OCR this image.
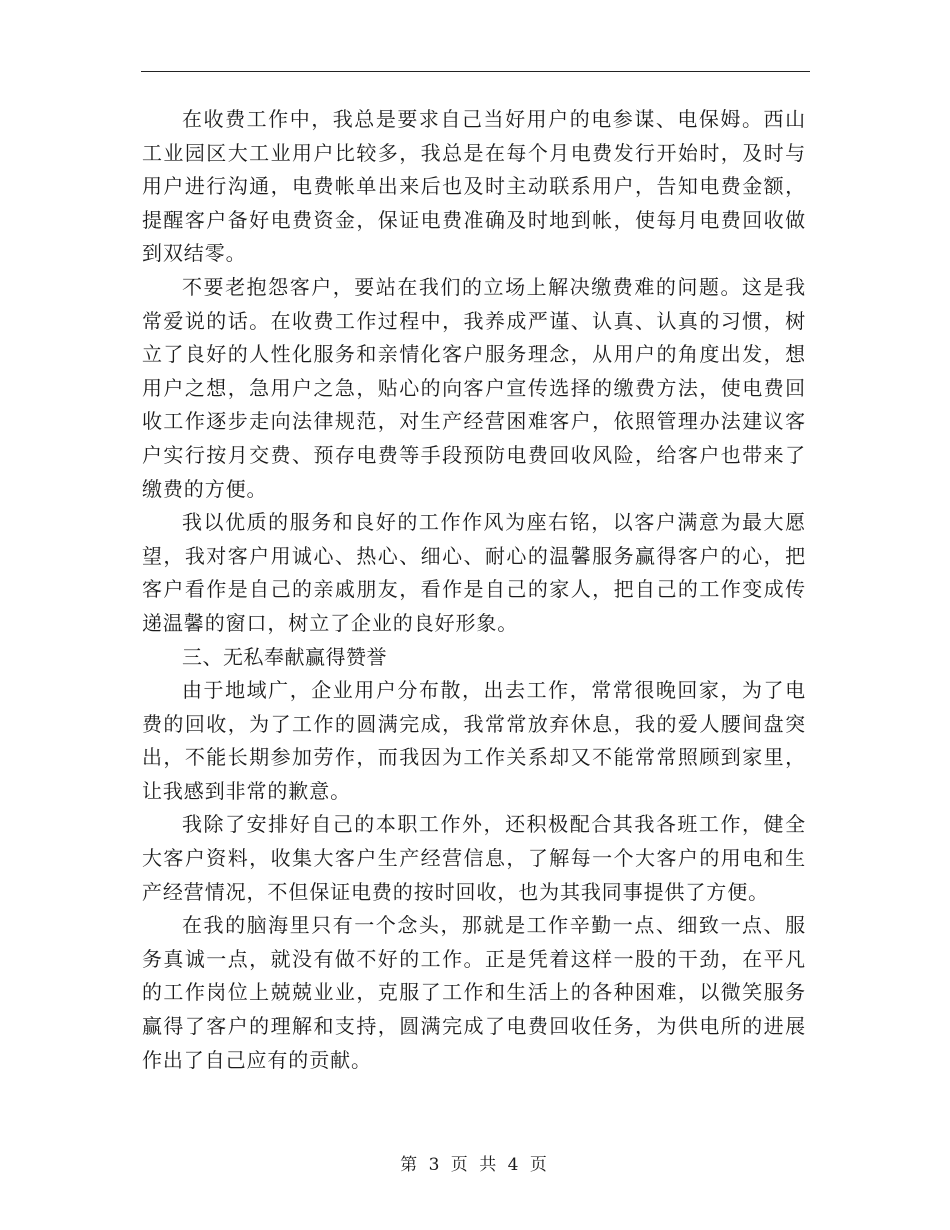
在收费工作中，我总是要求自己当好用户的电参谋、电保姆。西山工业园区大工业用户比较多，我总是在每个月电费发行开始时，及时与用户进行沟通，电费帐单出来后也及时主动联系用户，告知电费金额，提醒客户备好电费资金，保证电费准确及时地到帐，使每月电费回收做到双结零。

不要老抱怨客户，要站在我们的立场上解决缴费难的问题。这是我常爱说的话。在收费工作过程中，我养成严谨、认真、认真的习惯，树立了良好的人性化服务和亲情化客户服务理念，从用户的角度出发，想用户之想，急用户之急，贴心的向客户宣传选择的缴费方法，使电费回收工作逐步走向法律规范，对生产经营困难客户，依照管理办法建议客户实行按月交费、预存电费等手段预防电费回收风险，给客户也带来了缴费的方便。

我以优质的服务和良好的工作作风为座右铭，以客户满意为最大愿望，我对客户用诚心、热心、细心、耐心的温馨服务赢得客户的心，把客户看作是自己的亲戚朋友，看作是自己的家人，把自己的工作变成传递温馨的窗口，树立了企业的良好形象。

三、无私奉献赢得赞誉

由于地域广，企业用户分布散，出去工作，常常很晚回家，为了电费的回收，为了工作的圆满完成，我常常放弃休息，我的爱人腰间盘突出，不能长期参加劳作，而我因为工作关系却又不能常常照顾到家里，让我感到非常的歉意。

我除了安排好自己的本职工作外，还积极配合其我各班工作，健全大客户资料，收集大客户生产经营信息，了解每一个大客户的用电和生产经营情况，不但保证电费的按时回收，也为其我同事提供了方便。

在我的脑海里只有一个念头，那就是工作辛勤一点、细致一点、服务真诚一点，就没有做不好的工作。正是凭着这样一股的干劲，在平凡的工作岗位上兢兢业业，克服了工作和生活上的各种困难，以微笑服务赢得了客户的理解和支持，圆满完成了电费回收任务，为供电所的进展作出了自己应有的贡献。

第 3 页 共 4 页
